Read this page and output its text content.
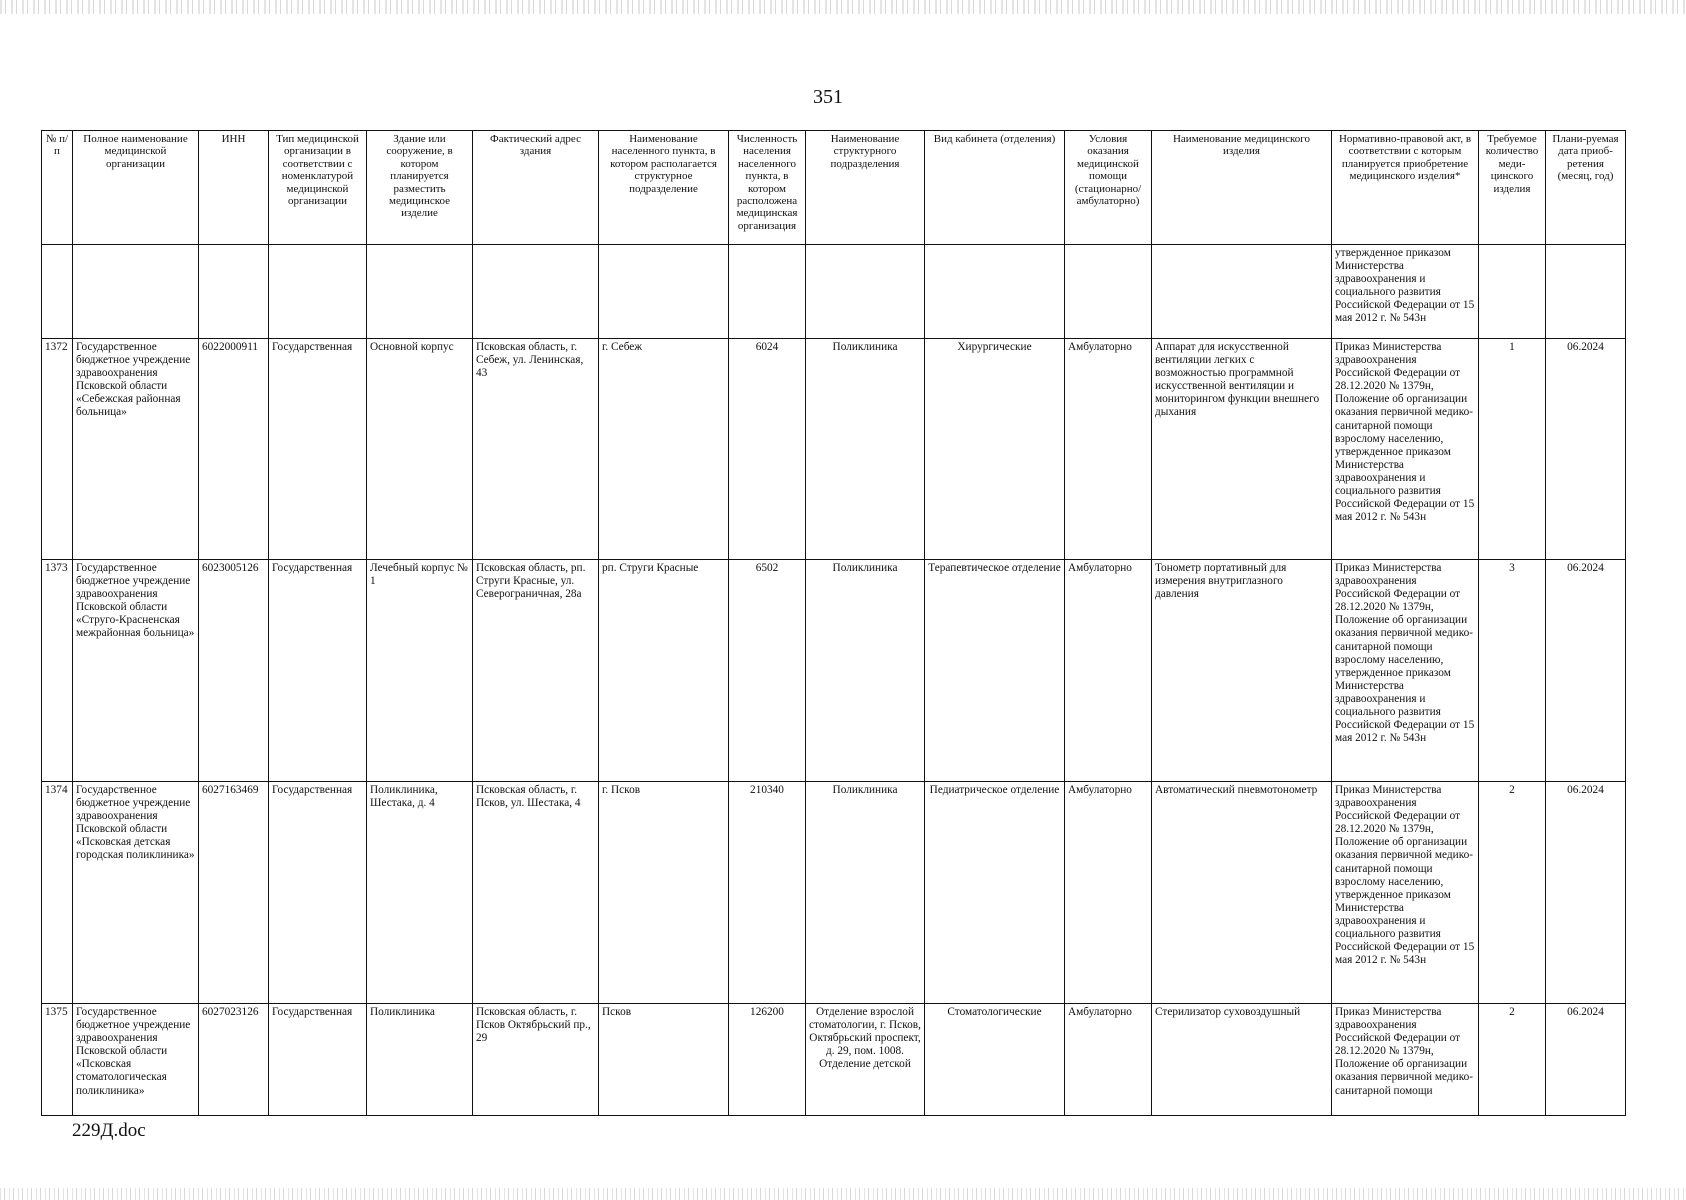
351
№ п/п	Полное наименование медицинской организации	ИНН	Тип медицинской организации в соответствии с номенклатурой медицинской организации	Здание или сооружение, в котором планируется разместить медицинское изделие	Фактический адрес здания	Наименование населенного пункта, в котором располагается структурное подразделение	Численность населения населенного пункта, в котором расположена медицинская организация	Наименование структурного подразделения	Вид кабинета (отделения)	Условия оказания медицинской помощи (стационарно/ амбулаторно)	Наименование медицинского изделия	Нормативно-правовой акт, в соответствии с которым планируется приобретение медицинского изделия*	Требуемое количество меди-цинского изделия	Плани-руемая дата приоб-ретения (месяц, год)
												утвержденное приказом Министерства здравоохранения и социального развития Российской Федерации от 15 мая 2012 г. № 543н		
1372	Государственное бюджетное учреждение здравоохранения Псковской области «Себежская районная больница»	6022000911	Государственная	Основной корпус	Псковская область, г. Себеж, ул. Ленинская, 43	г. Себеж	6024	Поликлиника	Хирургические	Амбулаторно	Аппарат для искусственной вентиляции легких с возможностью программной искусственной вентиляции и мониторингом функции внешнего дыхания	Приказ Министерства здравоохранения Российской Федерации от 28.12.2020 № 1379н, Положение об организации оказания первичной медико-санитарной помощи взрослому населению, утвержденное приказом Министерства здравоохранения и социального развития Российской Федерации от 15 мая 2012 г. № 543н	1	06.2024
1373	Государственное бюджетное учреждение здравоохранения Псковской области «Струго-Красненская межрайонная больница»	6023005126	Государственная	Лечебный корпус № 1	Псковская область, рп. Струги Красные, ул. Северограничная, 28а	рп. Струги Красные	6502	Поликлиника	Терапевтическое отделение	Амбулаторно	Тонометр портативный для измерения внутриглазного давления	Приказ Министерства здравоохранения Российской Федерации от 28.12.2020 № 1379н, Положение об организации оказания первичной медико-санитарной помощи взрослому населению, утвержденное приказом Министерства здравоохранения и социального развития Российской Федерации от 15 мая 2012 г. № 543н	3	06.2024
1374	Государственное бюджетное учреждение здравоохранения Псковской области «Псковская детская городская поликлиника»	6027163469	Государственная	Поликлиника, Шестака, д. 4	Псковская область, г. Псков, ул. Шестака, 4	г. Псков	210340	Поликлиника	Педиатрическое отделение	Амбулаторно	Автоматический пневмотонометр	Приказ Министерства здравоохранения Российской Федерации от 28.12.2020 № 1379н, Положение об организации оказания первичной медико-санитарной помощи взрослому населению, утвержденное приказом Министерства здравоохранения и социального развития Российской Федерации от 15 мая 2012 г. № 543н	2	06.2024
1375	Государственное бюджетное учреждение здравоохранения Псковской области «Псковская стоматологическая поликлиника»	6027023126	Государственная	Поликлиника	Псковская область, г. Псков Октябрьский пр., 29	Псков	126200	Отделение взрослой стоматологии, г. Псков, Октябрьский проспект, д. 29, пом. 1008. Отделение детской	Стоматологические	Амбулаторно	Стерилизатор суховоздушный	Приказ Министерства здравоохранения Российской Федерации от 28.12.2020 № 1379н, Положение об организации оказания первичной медико-санитарной помощи	2	06.2024
229Д.doc
